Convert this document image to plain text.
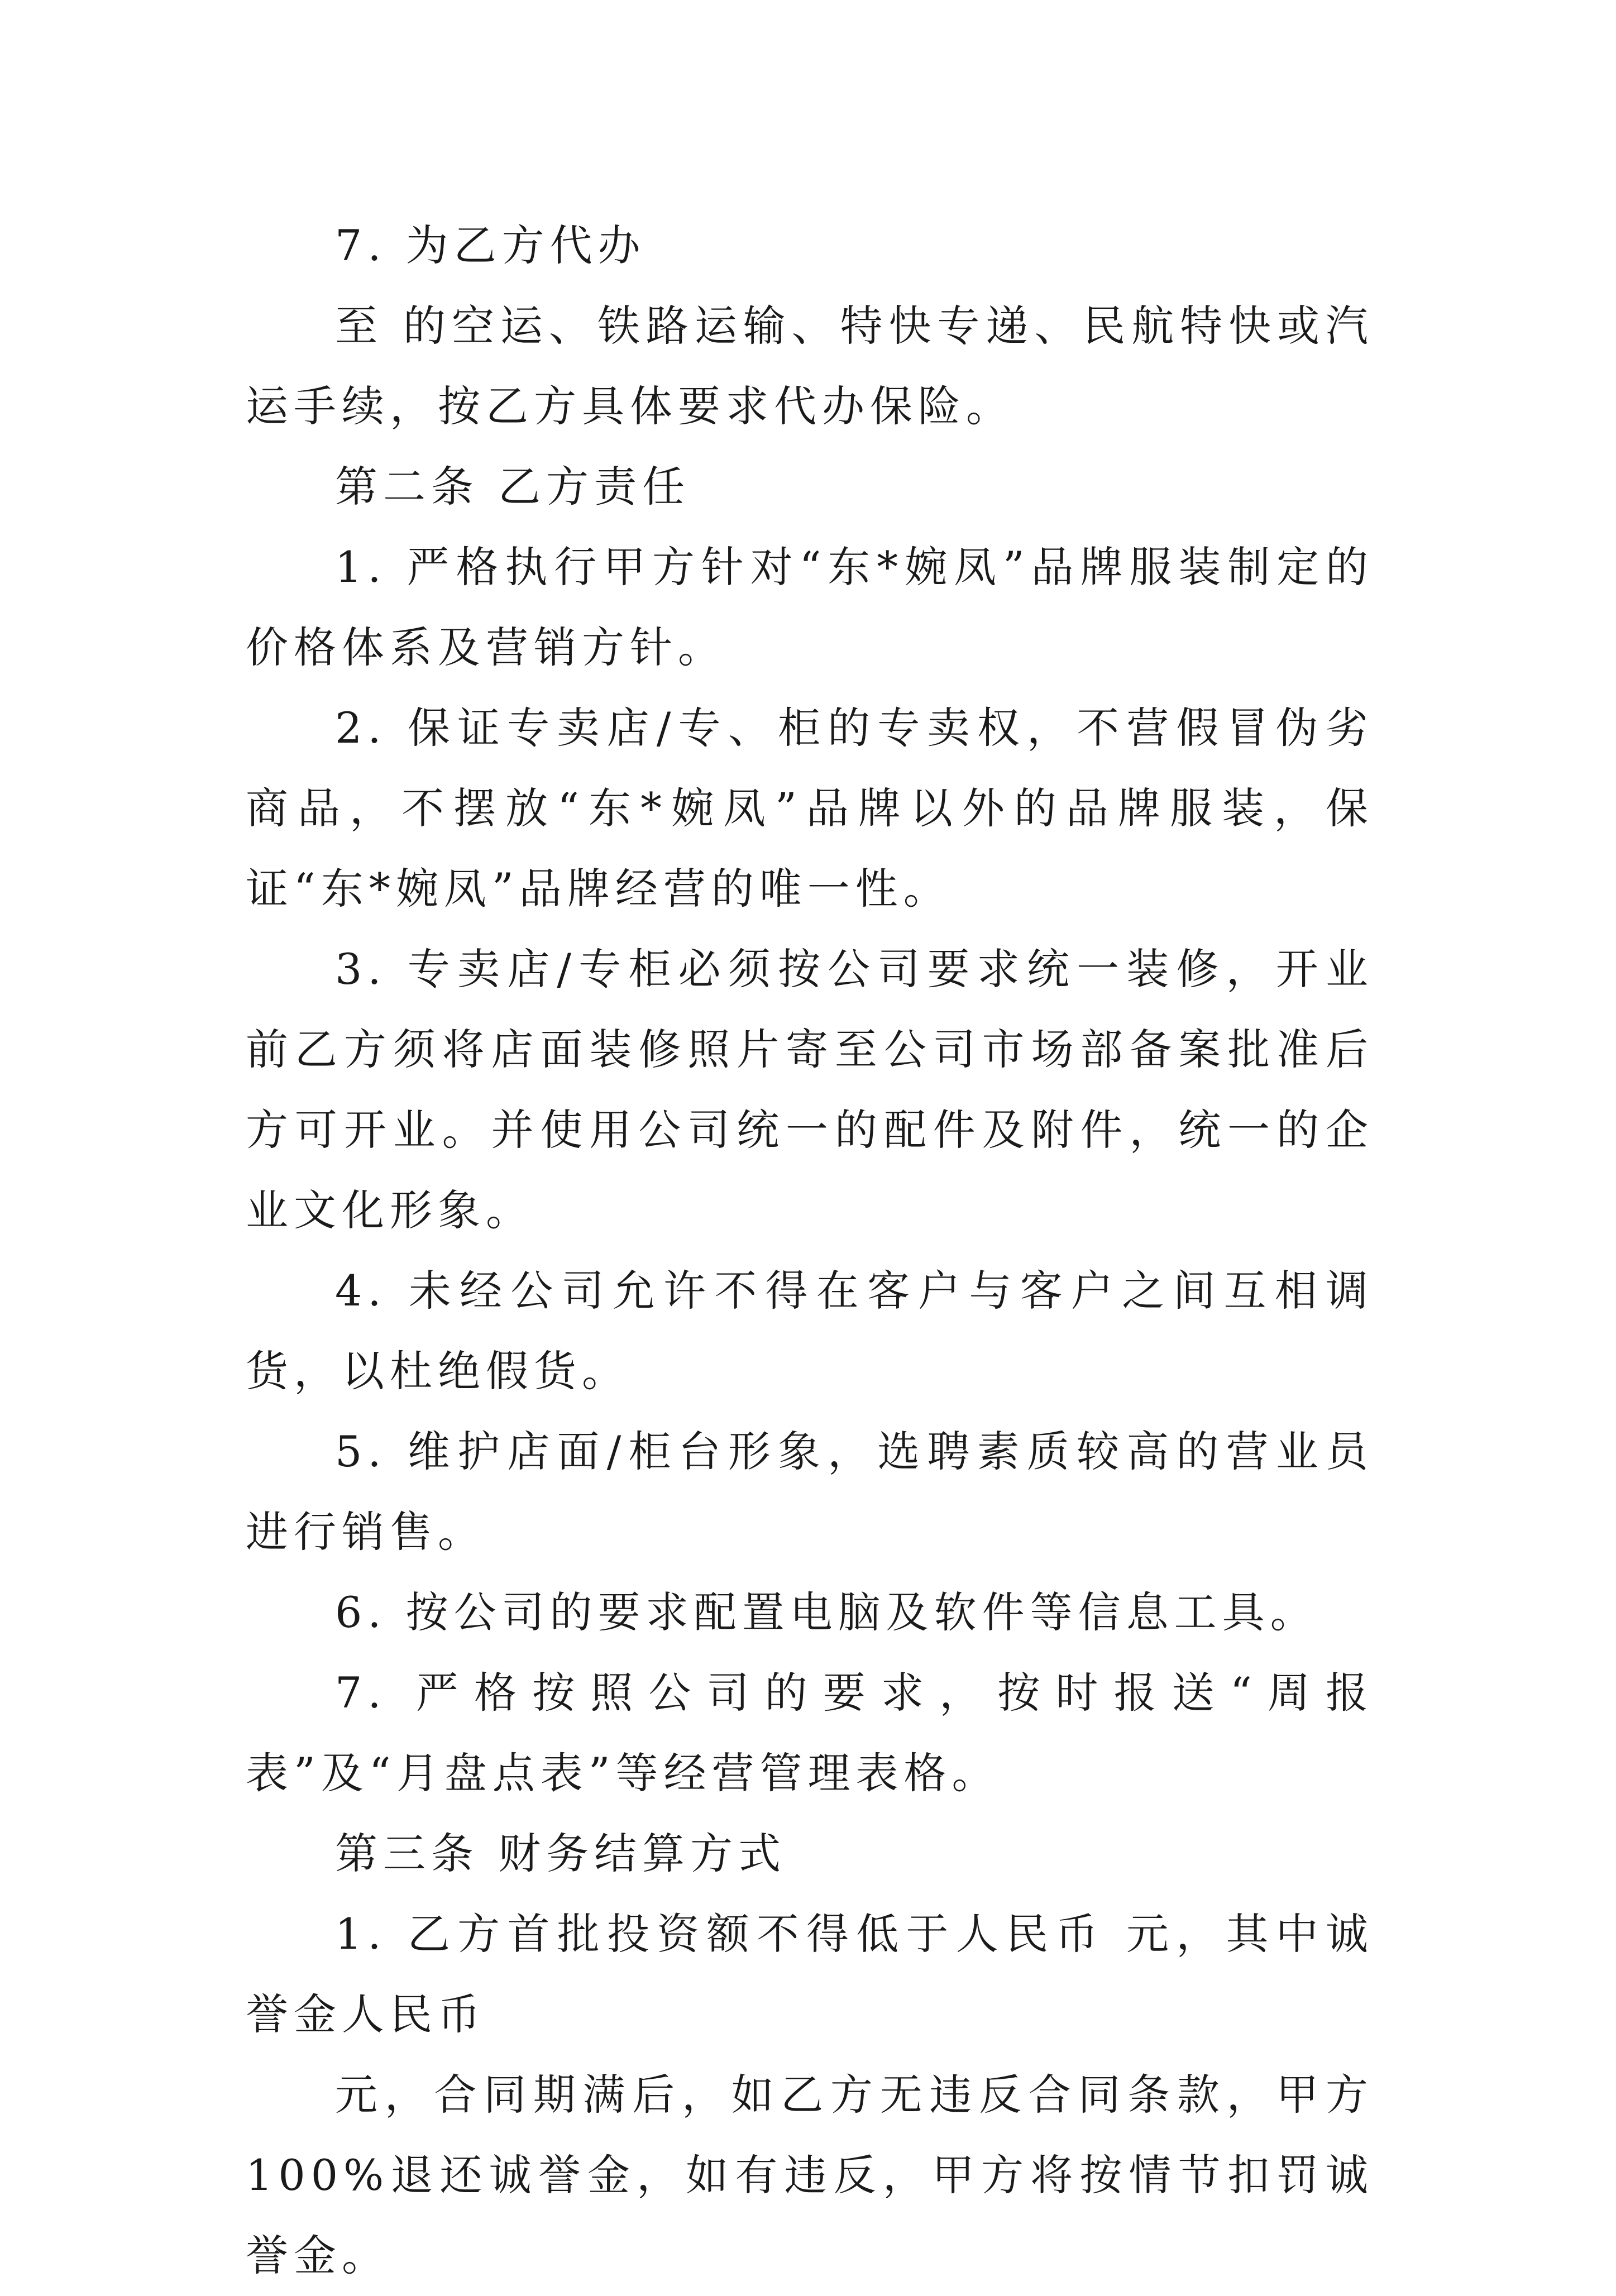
7. 为乙方代办

至 的空运、铁路运输、特快专递、民航特快或汽运手续，按乙方具体要求代办保险。

第二条 乙方责任

1. 严格执行甲方针对“东*婉凤”品牌服装制定的价格体系及营销方针。

2. 保证专卖店/专、柜的专卖权，不营假冒伪劣商品，不摆放“东*婉凤”品牌以外的品牌服装，保证“东*婉凤”品牌经营的唯一性。

3. 专卖店/专柜必须按公司要求统一装修，开业前乙方须将店面装修照片寄至公司市场部备案批准后方可开业。并使用公司统一的配件及附件，统一的企业文化形象。

4. 未经公司允许不得在客户与客户之间互相调货，以杜绝假货。

5. 维护店面/柜台形象，选聘素质较高的营业员进行销售。

6. 按公司的要求配置电脑及软件等信息工具。

7. 严格按照公司的要求，按时报送“周报表”及“月盘点表”等经营管理表格。

第三条 财务结算方式

1. 乙方首批投资额不得低于人民币 元，其中诚誉金人民币

元，合同期满后，如乙方无违反合同条款，甲方100%退还诚誉金，如有违反，甲方将按情节扣罚诚誉金。
